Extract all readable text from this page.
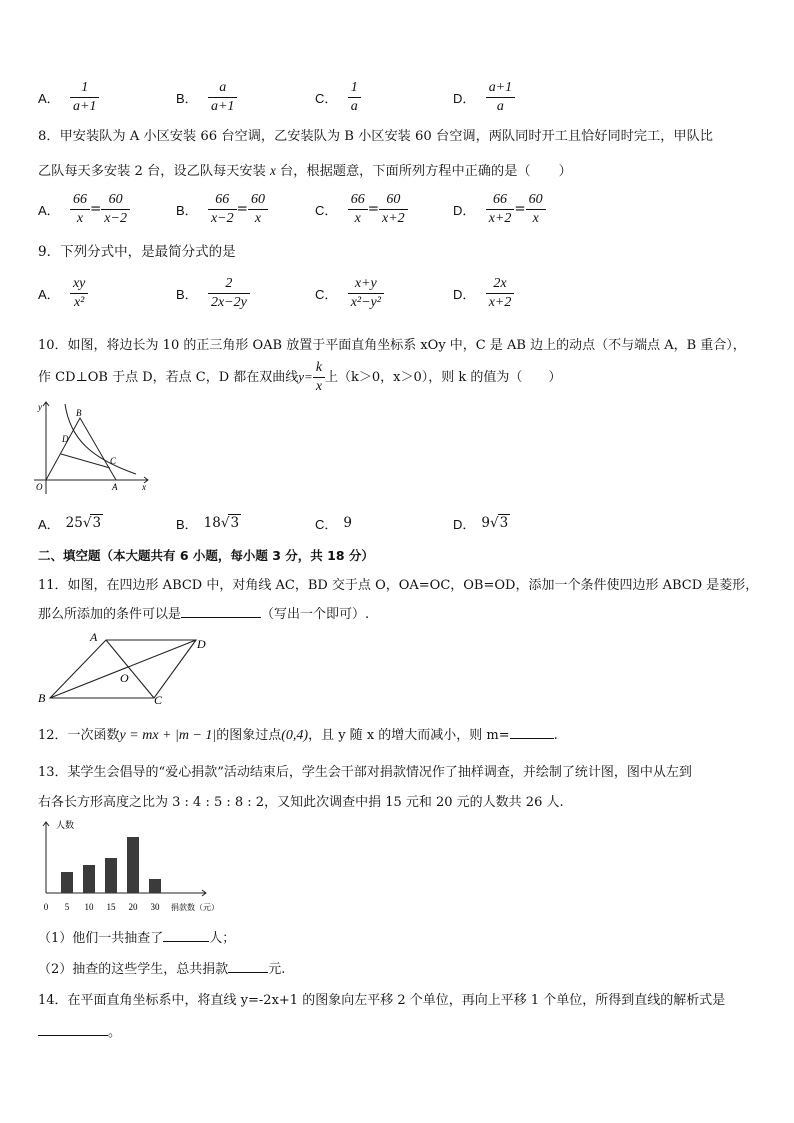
A． $\frac{1}{a+1}$	B． $\frac{a}{a+1}$	C． $\frac{1}{a}$	D． $\frac{a+1}{a}$
8．甲安装队为 A 小区安装 66 台空调，乙安装队为 B 小区安装 60 台空调，两队同时开工且恰好同时完工，甲队比
乙队每天多安装 2 台，设乙队每天安装 x 台，根据题意，下面所列方程中正确的是（ ）
A． $\frac{66}{x} = \frac{60}{x-2}$	B． $\frac{66}{x-2} = \frac{60}{x}$	C． $\frac{66}{x} = \frac{60}{x+2}$	D． $\frac{66}{x+2} = \frac{60}{x}$
9．下列分式中，是最简分式的是
A． $\frac{xy}{\text{x²}}$	B． $\frac{2}{2x-2y}$	C． $\frac{x+y}{\text{x²−y²}}$	D． $\frac{2x}{x+2}$
10．如图，将边长为 10 的正三角形 OAB 放置于平面直角坐标系 xOy 中，C 是 AB 边上的动点（不与端点 A，B 重合），
作 CD⊥OB 于点 D，若点 C，D 都在双曲线$y= \frac{k}{x}$ 上（k＞0，x＞0），则 k 的值为（　　）
y
x
O	A
B
C
D
A． 25√3	B． 18√3	C． 9	D． 9√3
二、填空题（本大题共有 6 小题，每小题 3 分，共 18 分）
11．如图，在四边形 ABCD 中，对角线 AC，BD 交于点 O，OA=OC，OB=OD，添加一个条件使四边形 ABCD 是菱形，
那么所添加的条件可以是	（写出一个即可）.
A
B	C
D
O
12．一次函数y = mx + |m − 1|的图象过点(0,4)，且 y 随 x 的增大而减小，则 m=	.
13．某学生会倡导的“爱心捐款”活动结束后，学生会干部对捐款情况作了抽样调查，并绘制了统计图，图中从左到
右各长方形高度之比为 3 : 4 : 5 : 8 : 2，又知此次调查中捐 15 元和 20 元的人数共 26 人.
人数
0	捐款数（元）
5 10 15 20 30
（1）他们一共抽查了	人；
（2）抽查的这些学生，总共捐款	元.
14．在平面直角坐标系中，将直线 y=-2x+1 的图象向左平移 2 个单位，再向上平移 1 个单位，所得到直线的解析式是
。
